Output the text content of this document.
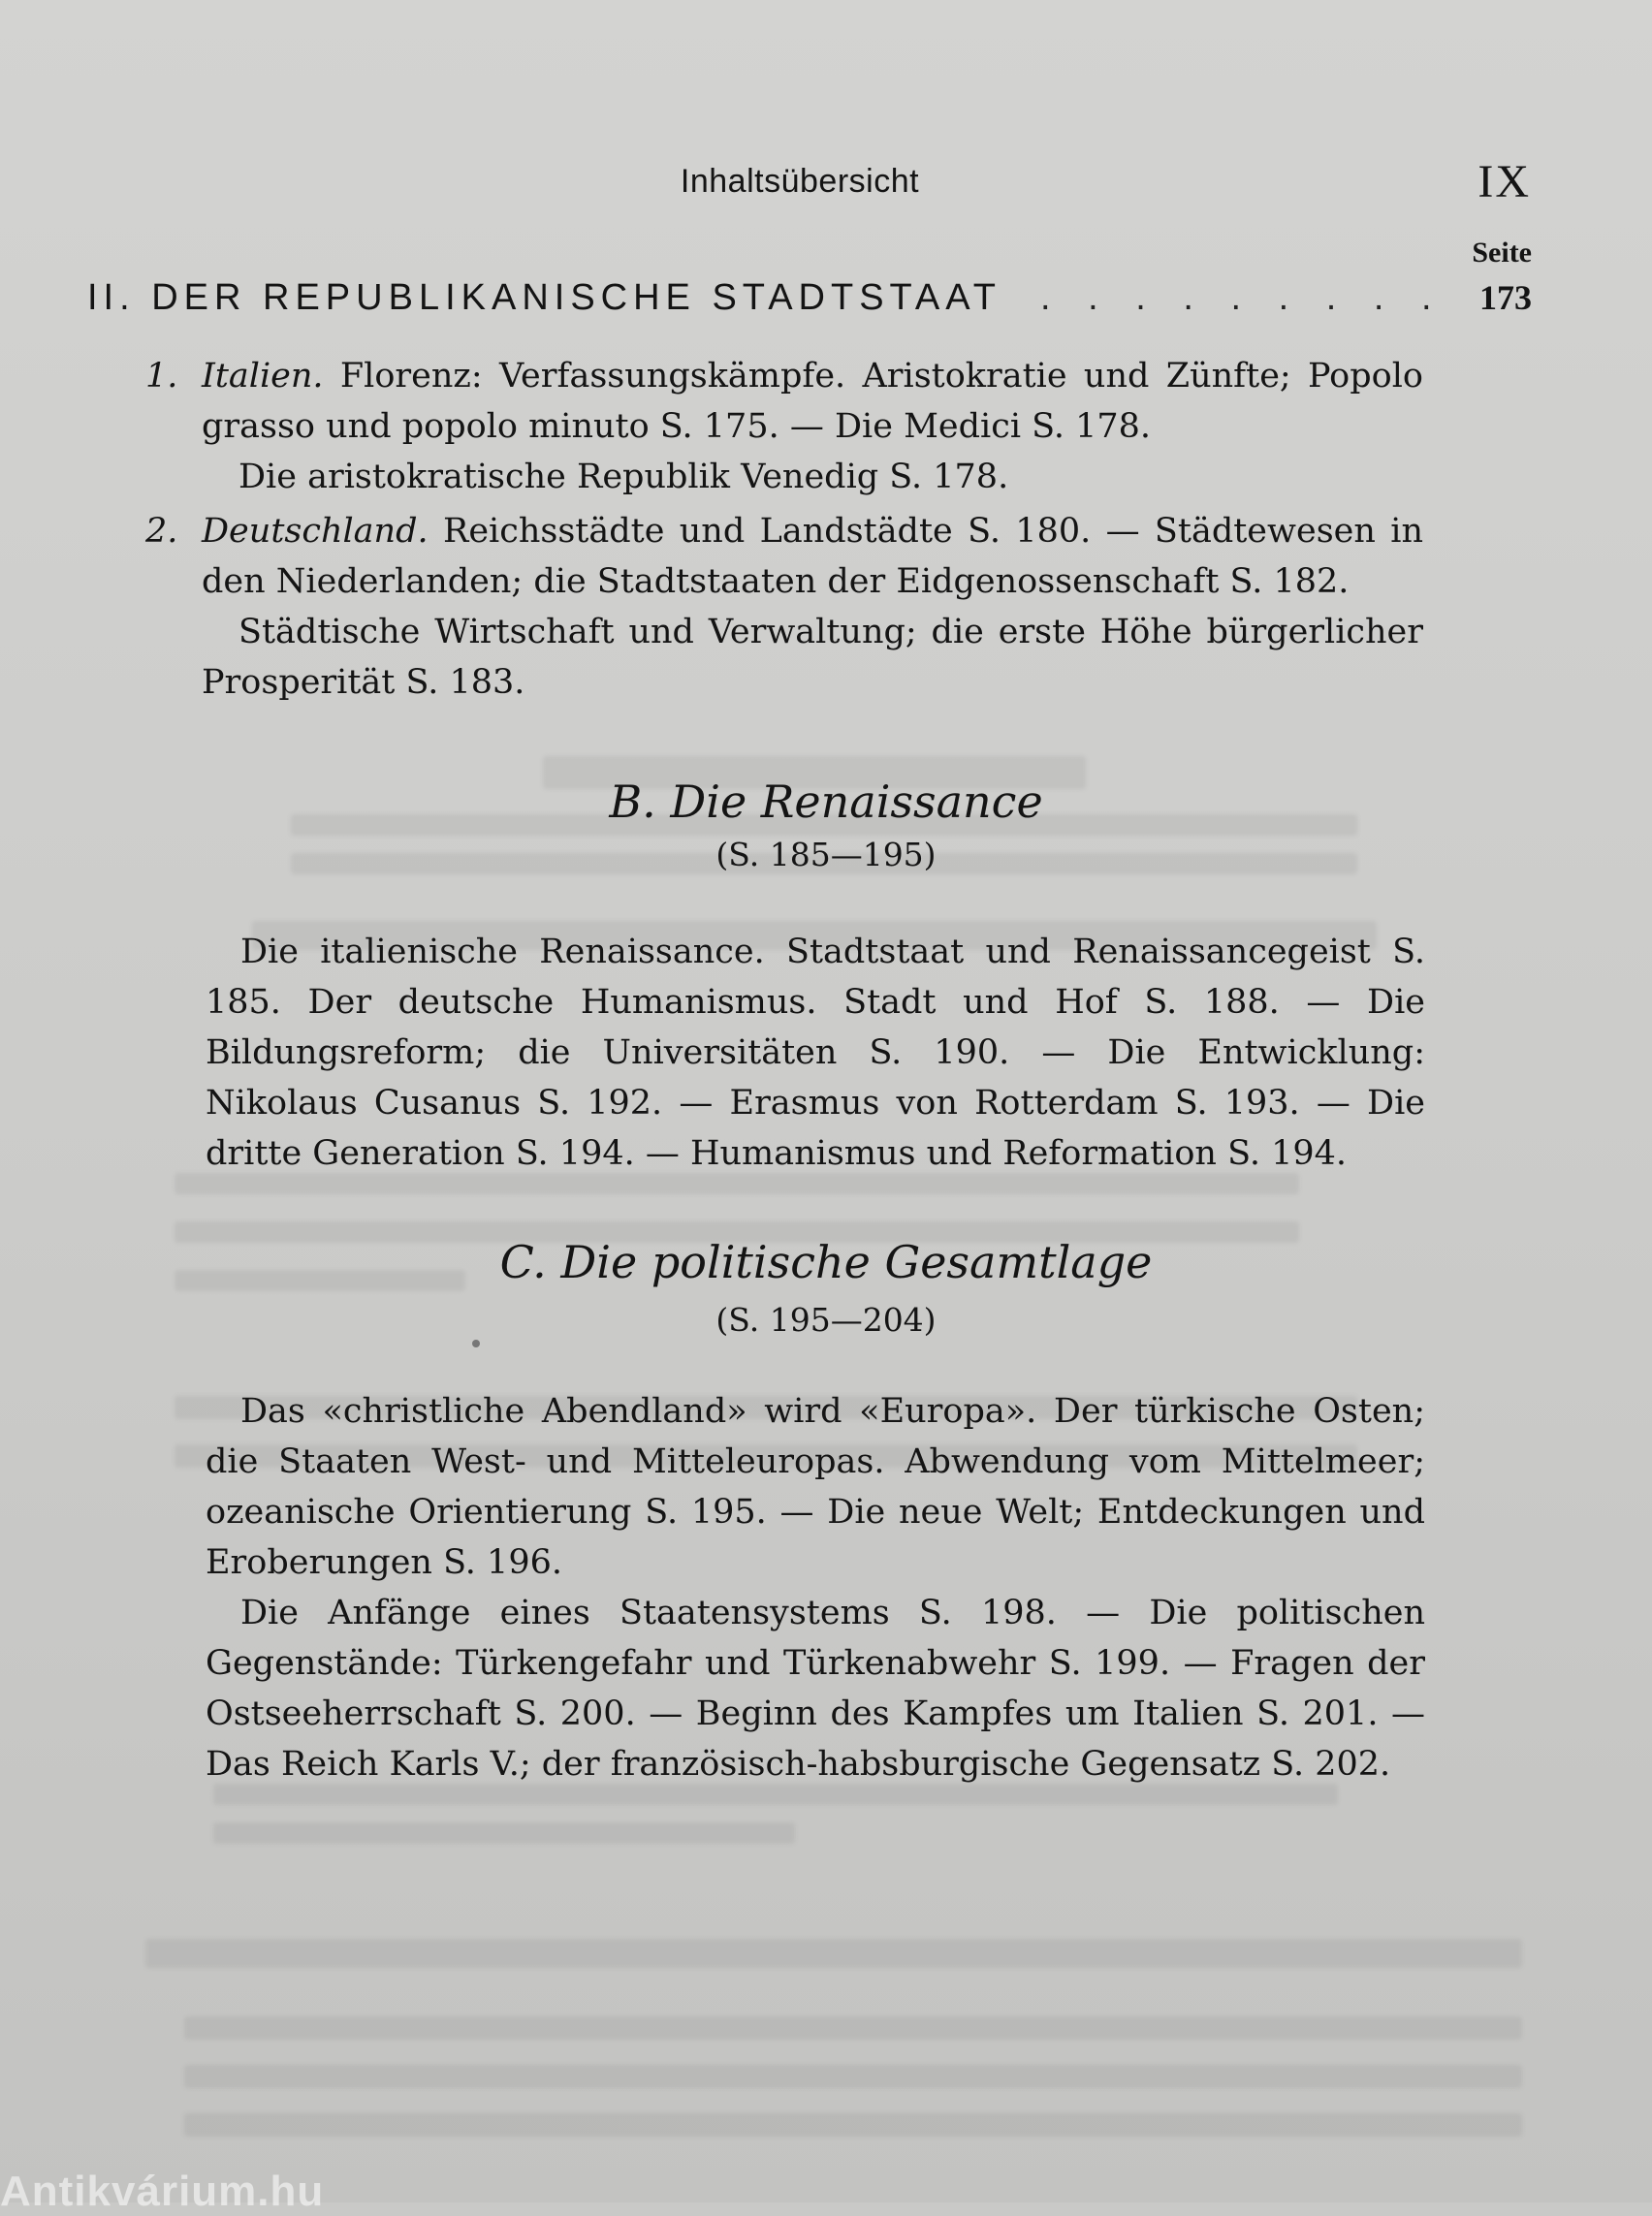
Inhaltsübersicht	IX
Seite
II. DER REPUBLIKANISCHE STADTSTAAT
. . .	173
1. Italien. Florenz: Verfassungskämpfe. Aristokratie und Zünfte; Popolo grasso und popolo minuto S. 175. — Die Medici S. 178.
Die aristokratische Republik Venedig S. 178.
2. Deutschland. Reichsstädte und Landstädte S. 180. — Städtewesen in den Niederlanden; die Stadtstaaten der Eidgenossenschaft S. 182.
Städtische Wirtschaft und Verwaltung; die erste Höhe bürgerlicher Prosperität S. 183.
B. Die Renaissance
(S. 185—195)

Die italienische Renaissance. Stadtstaat und Renaissancegeist S. 185. Der deutsche Humanismus. Stadt und Hof S. 188. — Die Bildungsreform; die Universitäten S. 190. — Die Entwicklung: Nikolaus Cusanus S. 192. — Erasmus von Rotterdam S. 193. — Die dritte Generation S. 194. — Humanismus und Reformation S. 194.

C. Die politische Gesamtlage
(S. 195—204)

Das «christliche Abendland» wird «Europa». Der türkische Osten; die Staaten West- und Mitteleuropas. Abwendung vom Mittelmeer; ozeanische Orientierung S. 195. — Die neue Welt; Entdeckungen und Eroberungen S. 196.

Die Anfänge eines Staatensystems S. 198. — Die politischen Gegenstände: Türkengefahr und Türkenabwehr S. 199. — Fragen der Ostseeherrschaft S. 200. — Beginn des Kampfes um Italien S. 201. — Das Reich Karls V.; der französisch-habsburgische Gegensatz S. 202.

Antikvárium.hu
